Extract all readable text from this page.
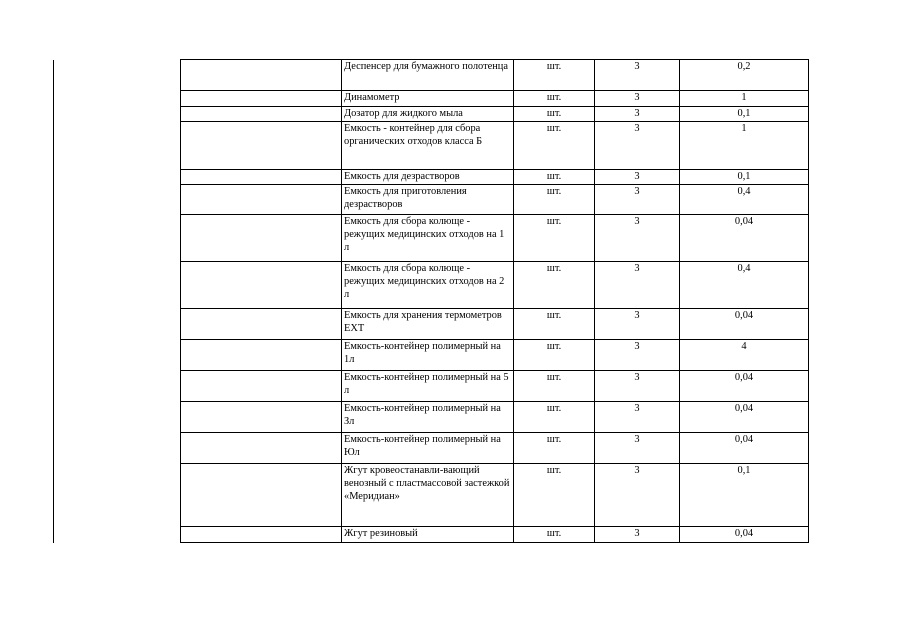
	Деспенсер для бумажного полотенца	шт.	3	0,2
	Динамометр	шт.	3	1
	Дозатор для жидкого мыла	шт.	3	0,1
	Емкость - контейнер для сбора органических отходов класса Б	шт.	3	1
	Емкость для дезрастворов	шт.	3	0,1
	Емкость для приготовления дезрастворов	шт.	3	0,4
	Емкость для сбора колюще - режущих медицинских отходов на 1 л	шт.	3	0,04
	Емкость для сбора колюще - режущих медицинских отходов на 2 л	шт.	3	0,4
	Емкость для хранения термометров ЕХТ	шт.	3	0,04
	Емкость-контейнер полимерный на 1л	шт.	3	4
	Емкость-контейнер полимерный на 5 л	шт.	3	0,04
	Емкость-контейнер полимерный на Зл	шт.	3	0,04
	Емкость-контейнер полимерный на Юл	шт.	3	0,04
	Жгут кровеостанавли-вающий венозный с пластмассовой застежкой «Меридиан»	шт.	3	0,1
	Жгут резиновый	шт.	3	0,04
